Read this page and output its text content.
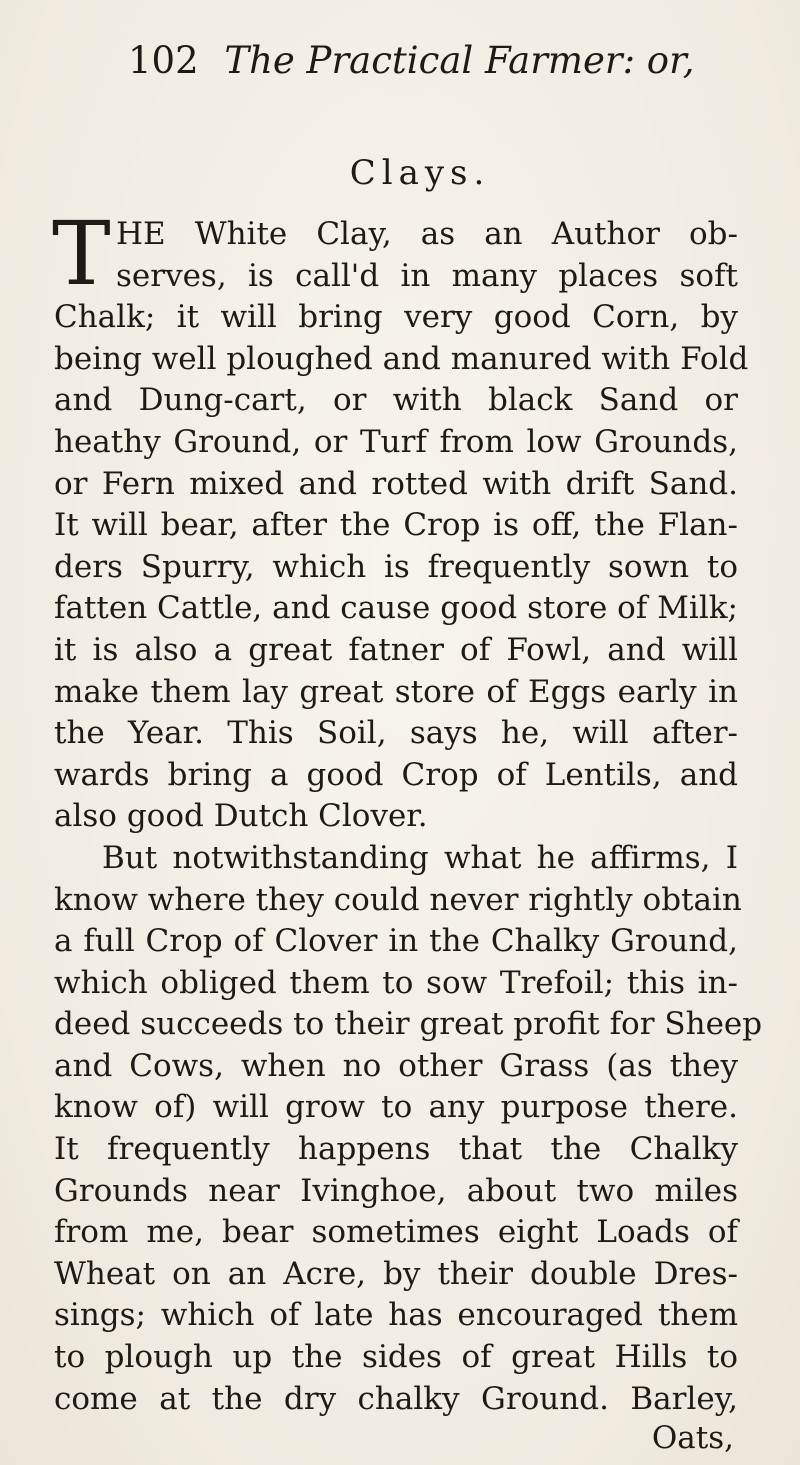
102 The Practical Farmer: or,
Clays.
T HE White Clay, as an Author ob-
serves, is call'd in many places soft
Chalk; it will bring very good Corn, by
being well ploughed and manured with Fold
and Dung-cart, or with black Sand or
heathy Ground, or Turf from low Grounds,
or Fern mixed and rotted with drift Sand.
It will bear, after the Crop is off, the Flan-
ders Spurry, which is frequently sown to
fatten Cattle, and cause good store of Milk;
it is also a great fatner of Fowl, and will
make them lay great store of Eggs early in
the Year. This Soil, says he, will after-
wards bring a good Crop of Lentils, and
also good Dutch Clover.
But notwithstanding what he affirms, I
know where they could never rightly obtain
a full Crop of Clover in the Chalky Ground,
which obliged them to sow Trefoil; this in-
deed succeeds to their great profit for Sheep
and Cows, when no other Grass (as they
know of) will grow to any purpose there.
It frequently happens that the Chalky
Grounds near Ivinghoe, about two miles
from me, bear sometimes eight Loads of
Wheat on an Acre, by their double Dres-
sings; which of late has encouraged them
to plough up the sides of great Hills to
come at the dry chalky Ground. Barley,
Oats,
